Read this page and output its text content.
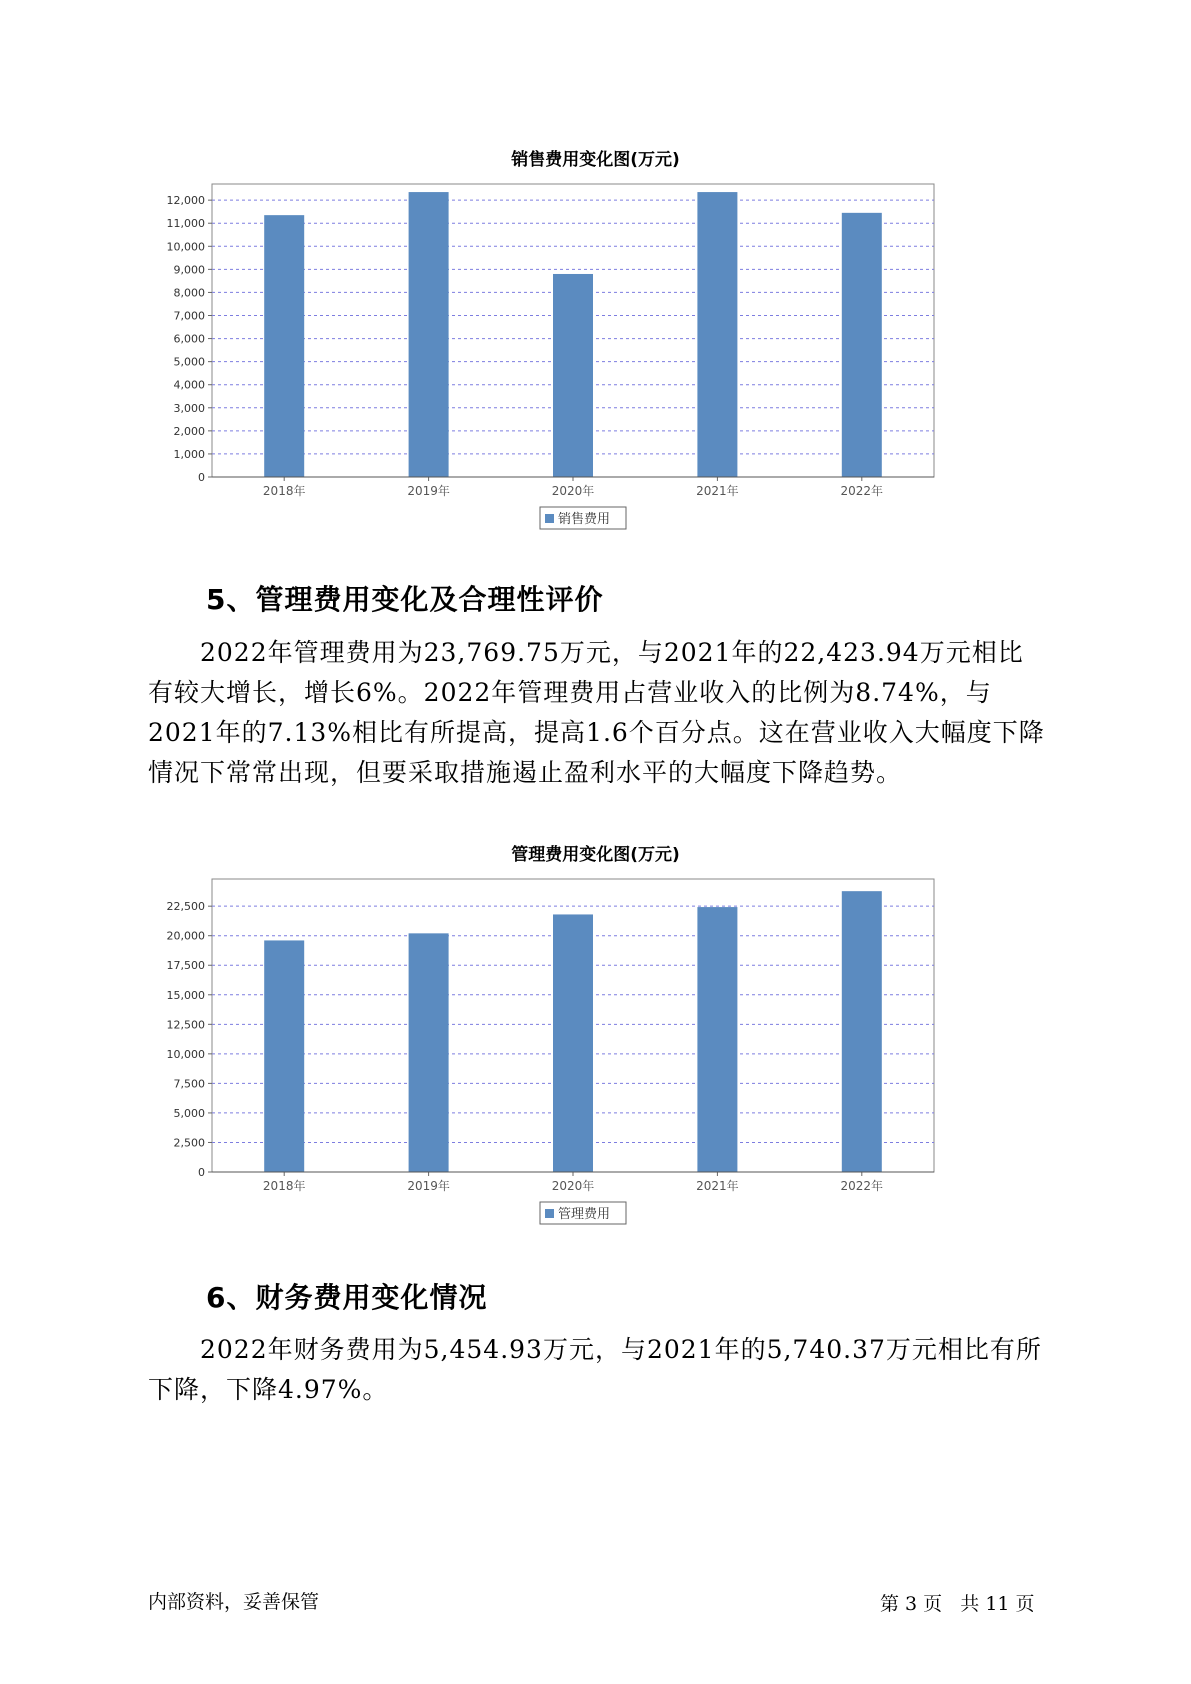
销售费用变化图(万元)
0
1,000
2,000
3,000
4,000
5,000
6,000
7,000
8,000
9,000
10,000
11,000
12,000
2018年	2019年	2020年	2021年	2022年
销售费用
5、管理费用变化及合理性评价

2022年管理费用为23,769.75万元，与2021年的22,423.94万元相比有较大增长，增长6%。2022年管理费用占营业收入的比例为8.74%，与2021年的7.13%相比有所提高，提高1.6个百分点。这在营业收入大幅度下降情况下常常出现，但要采取措施遏止盈利水平的大幅度下降趋势。

管理费用变化图(万元)
0
2,500
5,000
7,500
10,000
12,500
15,000
17,500
20,000
22,500
2018年	2019年	2020年	2021年	2022年
管理费用
6、财务费用变化情况

2022年财务费用为5,454.93万元，与2021年的5,740.37万元相比有所下降，下降4.97%。

内部资料，妥善保管	第 3 页   共 11 页
